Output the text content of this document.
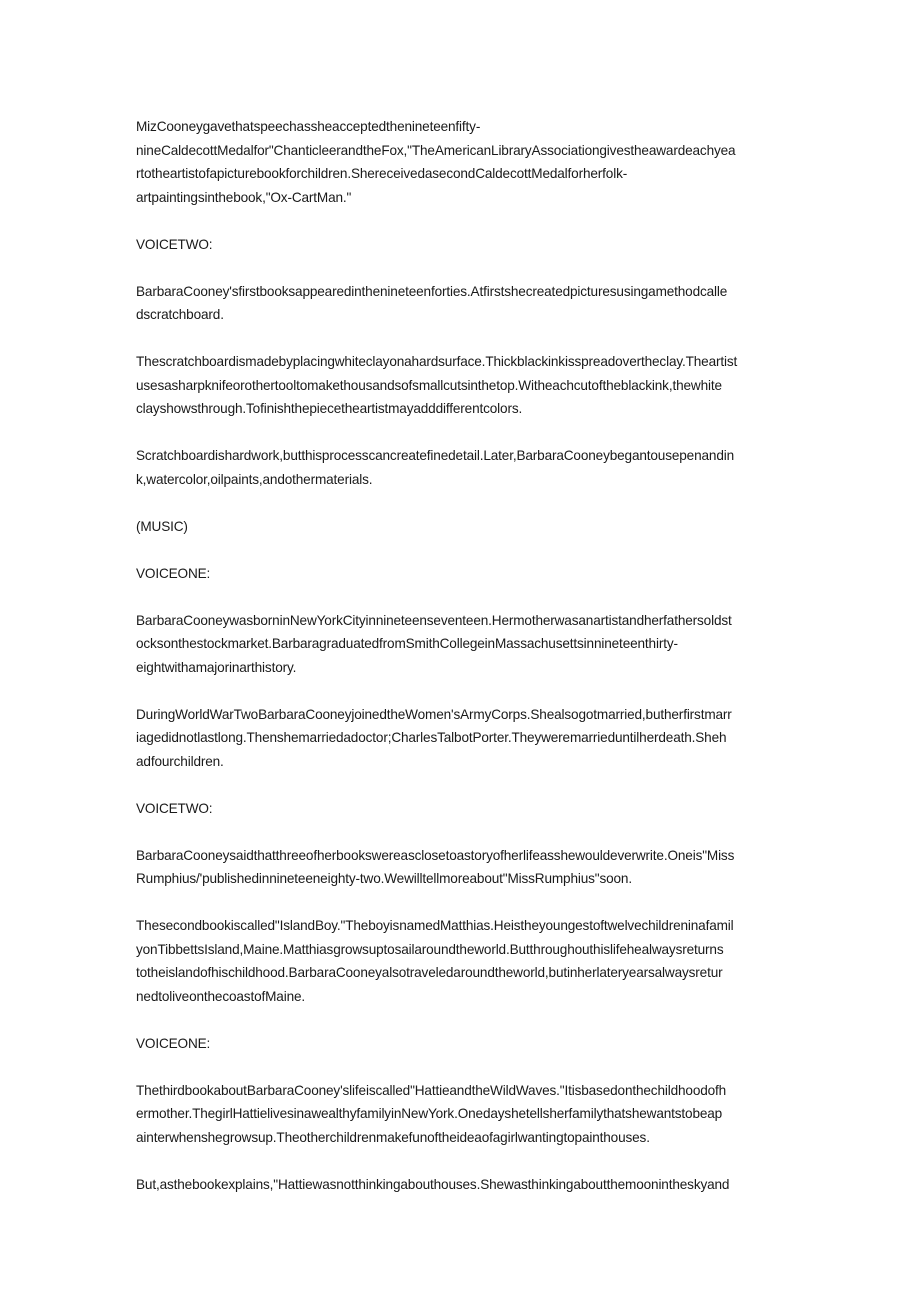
MizCooneygavethatspeechassheacceptedthenineteenfifty-
nineCaldecottMedalfor"ChanticleerandtheFox,"TheAmericanLibraryAssociationgivestheawardeachyea
rtotheartistofapicturebookforchildren.ShereceivedasecondCaldecottMedalforherfolk-
artpaintingsinthebook,"Ox-CartMan."

VOICETWO:

BarbaraCooney'sfirstbooksappearedinthenineteenforties.Atfirstshecreatedpicturesusingamethodcalle
dscratchboard.

Thescratchboardismadebyplacingwhiteclayonahardsurface.Thickblackinkisspreadovertheclay.Theartist
usesasharpknifeorothertooltomakethousandsofsmallcutsinthetop.Witheachcutoftheblackink,thewhite
clayshowsthrough.Tofinishthepiecetheartistmayadddifferentcolors.

Scratchboardishardwork,butthisprocesscancreatefinedetail.Later,BarbaraCooneybegantousepenandin
k,watercolor,oilpaints,andothermaterials.

(MUSIC)

VOICEONE:

BarbaraCooneywasborninNewYorkCityinnineteenseventeen.Hermotherwasanartistandherfathersoldst
ocksonthestockmarket.BarbaragraduatedfromSmithCollegeinMassachusettsinnineteenthirty-
eightwithamajorinarthistory.

DuringWorldWarTwoBarbaraCooneyjoinedtheWomen'sArmyCorps.Shealsogotmarried,butherfirstmarr
iagedidnotlastlong.Thenshemarriedadoctor;CharlesTalbotPorter.Theyweremarrieduntilherdeath.Sheh
adfourchildren.

VOICETWO:

BarbaraCooneysaidthatthreeofherbookswereasclosetoastoryofherlifeasshewouldeverwrite.Oneis"Miss
Rumphius/'publishedinnineteeneighty-two.Wewilltellmoreabout"MissRumphius"soon.

Thesecondbookiscalled"IslandBoy."TheboyisnamedMatthias.Heistheyoungestoftwelvechildreninafamil
yonTibbettsIsland,Maine.Matthiasgrowsuptosailaroundtheworld.Butthroughouthislifehealwaysreturns
totheislandofhischildhood.BarbaraCooneyalsotraveledaroundtheworld,butinherlateryearsalwaysretur
nedtoliveonthecoastofMaine.

VOICEONE:

ThethirdbookaboutBarbaraCooney'slifeiscalled"HattieandtheWildWaves."Itisbasedonthechildhoodofh
ermother.ThegirlHattielivesinawealthyfamilyinNewYork.Onedayshetellsherfamilythatshewantstobeap
ainterwhenshegrowsup.Theotherchildrenmakefunoftheideaofagirlwantingtopainthouses.

But,asthebookexplains,"Hattiewasnotthinkingabouthouses.Shewasthinkingaboutthemoonintheskyand
